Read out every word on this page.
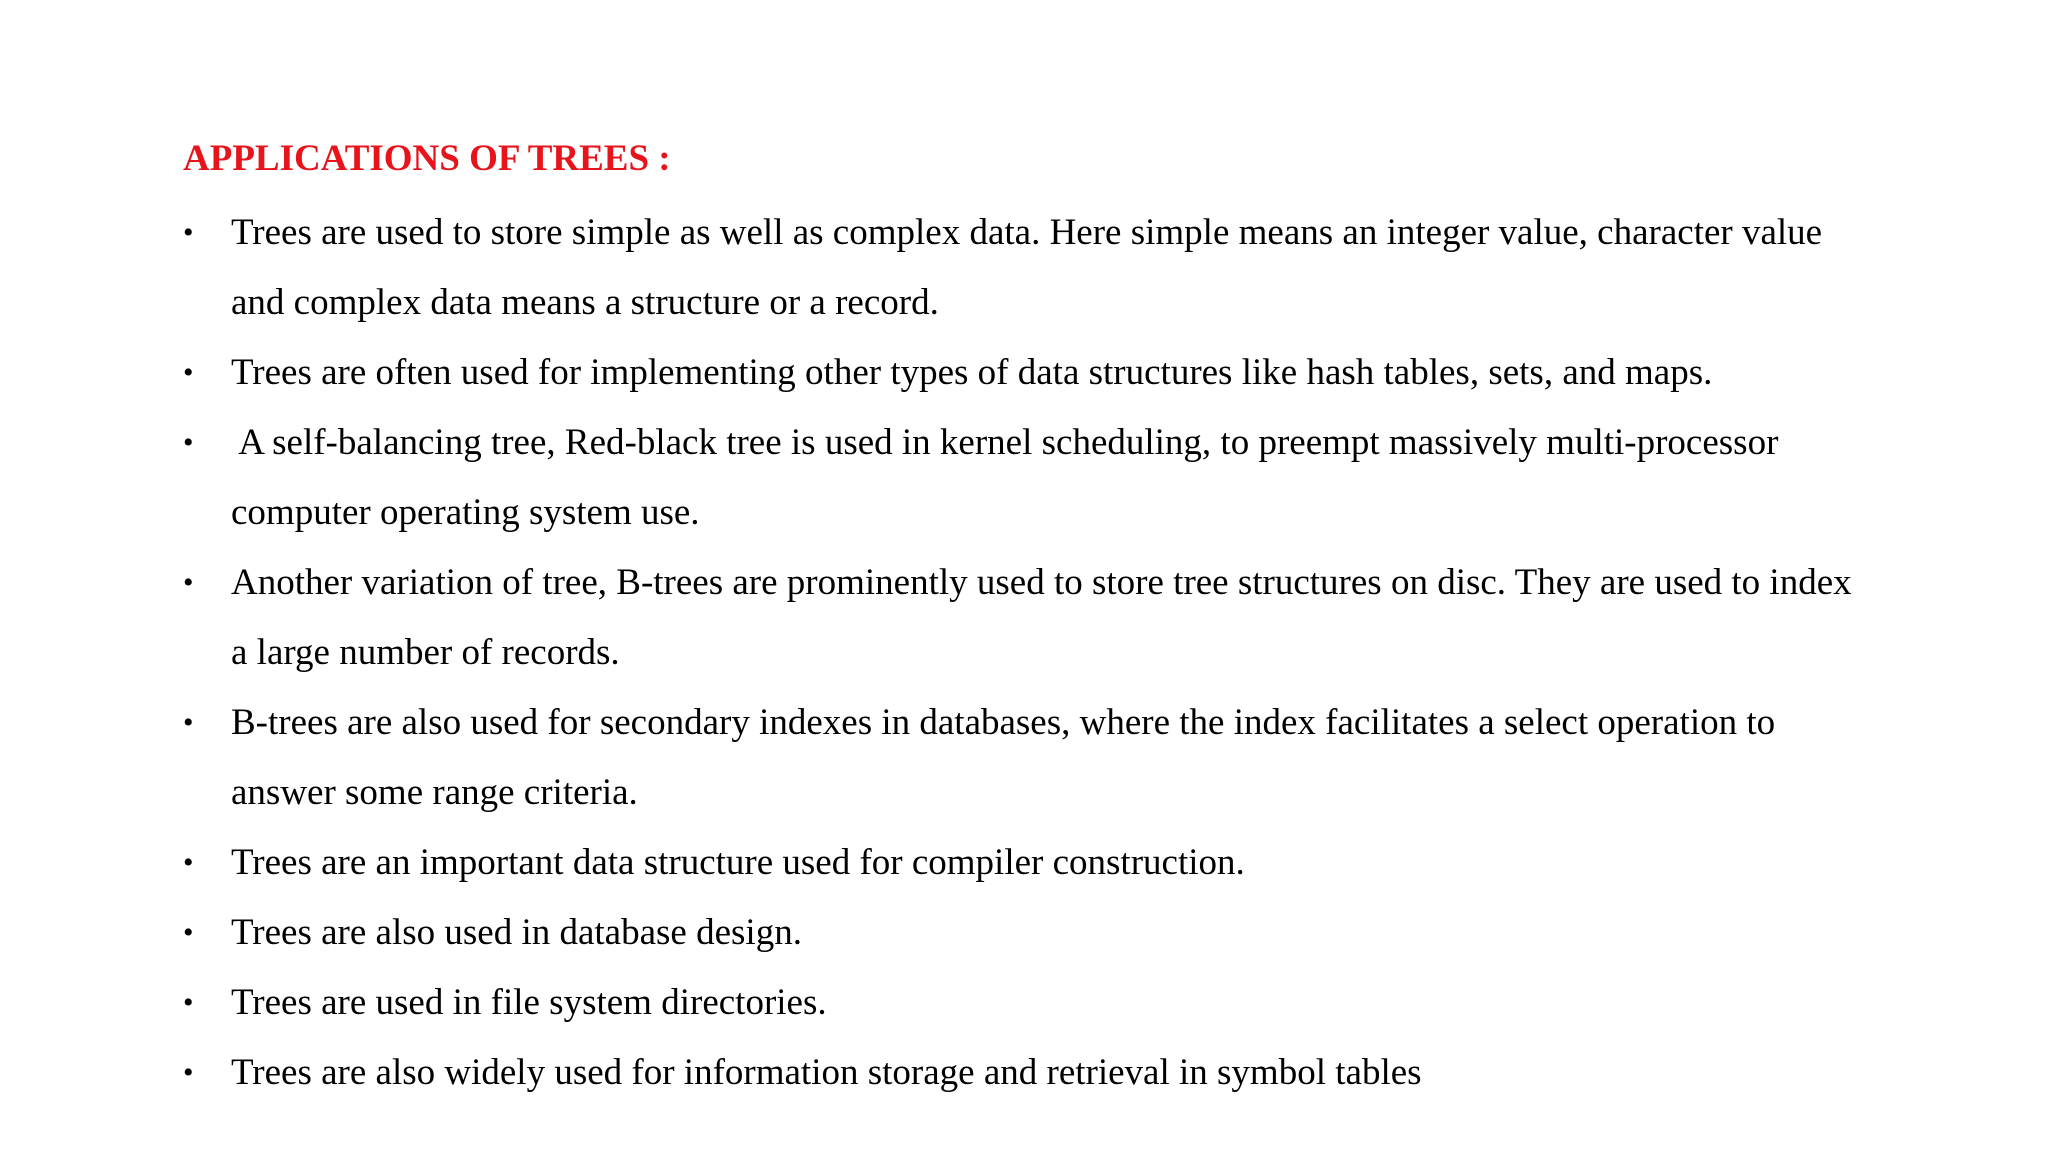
APPLICATIONS OF TREES :
• Trees are used to store simple as well as complex data. Here simple means an integer value, character value
and complex data means a structure or a record.
• Trees are often used for implementing other types of data structures like hash tables, sets, and maps.
• A self-balancing tree, Red-black tree is used in kernel scheduling, to preempt massively multi-processor
computer operating system use.
• Another variation of tree, B-trees are prominently used to store tree structures on disc. They are used to index
a large number of records.
• B-trees are also used for secondary indexes in databases, where the index facilitates a select operation to
answer some range criteria.
• Trees are an important data structure used for compiler construction.
• Trees are also used in database design.
• Trees are used in file system directories.
• Trees are also widely used for information storage and retrieval in symbol tables
